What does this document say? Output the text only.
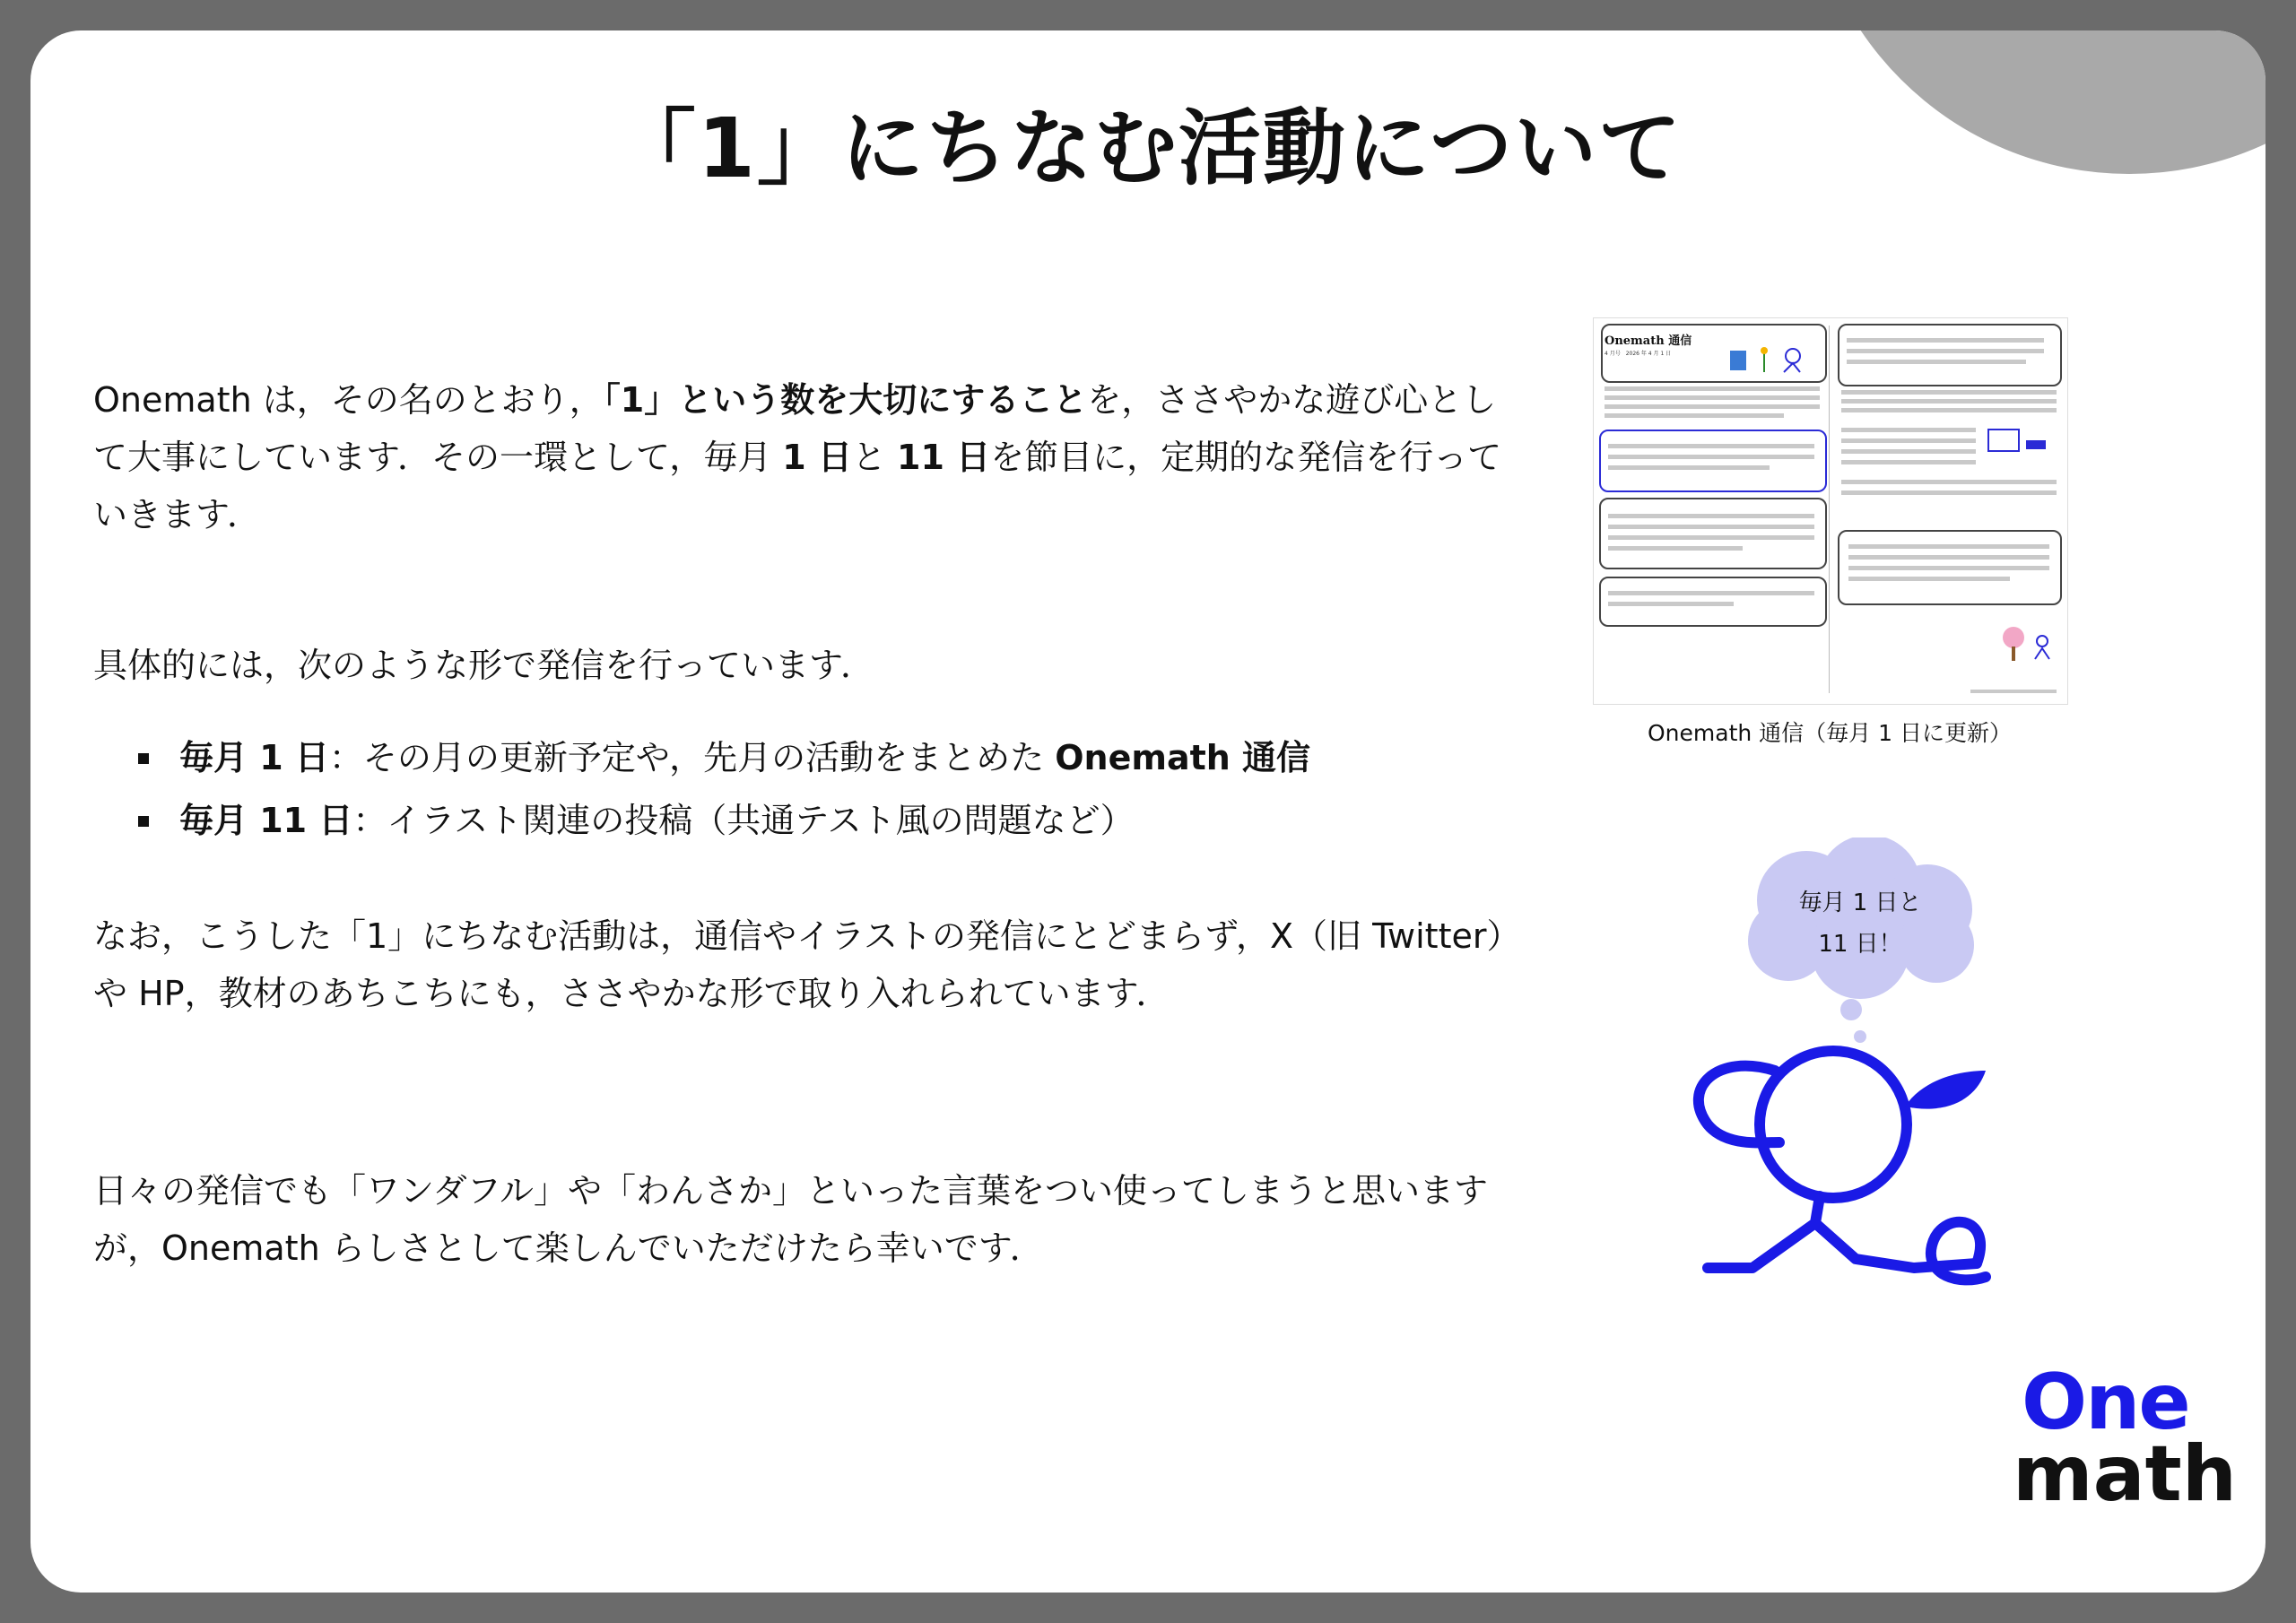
「1」にちなむ活動について

Onemath は，その名のとおり，「1」という数を大切にすることを，ささやかな遊び心として大事にしています．その一環として，毎月 1 日と 11 日を節目に，定期的な発信を行っていきます．

具体的には，次のような形で発信を行っています．

毎月 1 日：その月の更新予定や，先月の活動をまとめた Onemath 通信
毎月 11 日：イラスト関連の投稿（共通テスト風の問題など）

なお，こうした「1」にちなむ活動は，通信やイラストの発信にとどまらず，X（旧 Twitter）や HP，教材のあちこちにも，ささやかな形で取り入れられています．

日々の発信でも「ワンダフル」や「わんさか」といった言葉をつい使ってしまうと思いますが，Onemath らしさとして楽しんでいただけたら幸いです．

Onemath 通信
4 月号　2026 年 4 月 1 日
Onemath 通信（毎月 1 日に更新）
毎月 1 日と
11 日！
One
math
